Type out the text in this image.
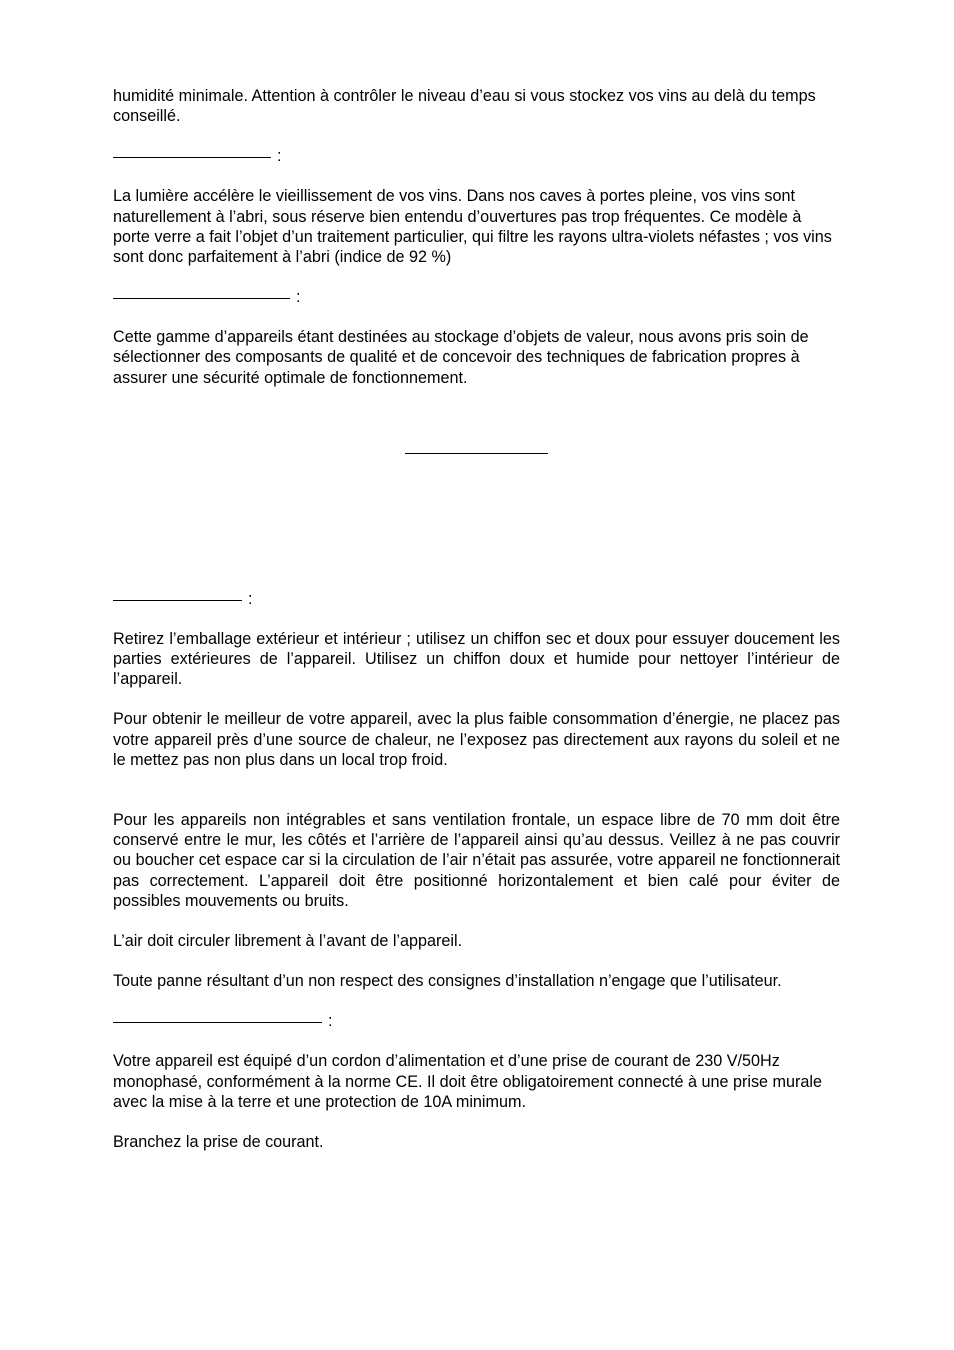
humidité minimale. Attention à contrôler le niveau d’eau si vous stockez vos vins au delà du temps conseillé.

:

La lumière accélère le vieillissement de vos vins. Dans nos caves à portes pleine, vos vins sont naturellement à l’abri, sous réserve bien entendu d’ouvertures pas trop fréquentes. Ce modèle à porte verre a fait l’objet d’un traitement particulier, qui filtre les rayons ultra-violets néfastes ; vos vins sont donc parfaitement à l’abri (indice de 92 %)

:

Cette gamme d’appareils étant destinées au stockage d’objets de valeur, nous avons pris soin de sélectionner des composants de qualité et de concevoir des techniques de fabrication propres à assurer une sécurité optimale de fonctionnement.

:

Retirez l’emballage extérieur et intérieur ; utilisez un chiffon sec et doux pour essuyer doucement les parties extérieures de l’appareil. Utilisez un chiffon doux et humide pour nettoyer l’intérieur de l’appareil.

Pour obtenir le meilleur de votre appareil, avec la plus faible consommation d’énergie, ne placez pas votre appareil près d’une source de chaleur, ne l’exposez pas directement aux rayons du soleil et ne le mettez pas non plus dans un local trop froid.

Pour les appareils non intégrables et sans ventilation frontale, un espace libre de 70 mm doit être conservé entre le mur, les côtés et l’arrière de l’appareil ainsi qu’au dessus. Veillez à ne pas couvrir ou boucher cet espace car si la circulation de l’air n’était pas assurée, votre appareil ne fonctionnerait pas correctement. L’appareil doit être positionné horizontalement et bien calé pour éviter de possibles mouvements ou bruits.

L’air doit circuler librement à l’avant de l’appareil.

Toute panne résultant d’un non respect des consignes d’installation n’engage que l’utilisateur.

:

Votre appareil est équipé d’un cordon d’alimentation et d’une prise de courant de 230 V/50Hz monophasé, conformément à la norme CE. Il doit être obligatoirement connecté à une prise murale avec la mise à la terre et une protection de 10A minimum.

Branchez la prise de courant.
